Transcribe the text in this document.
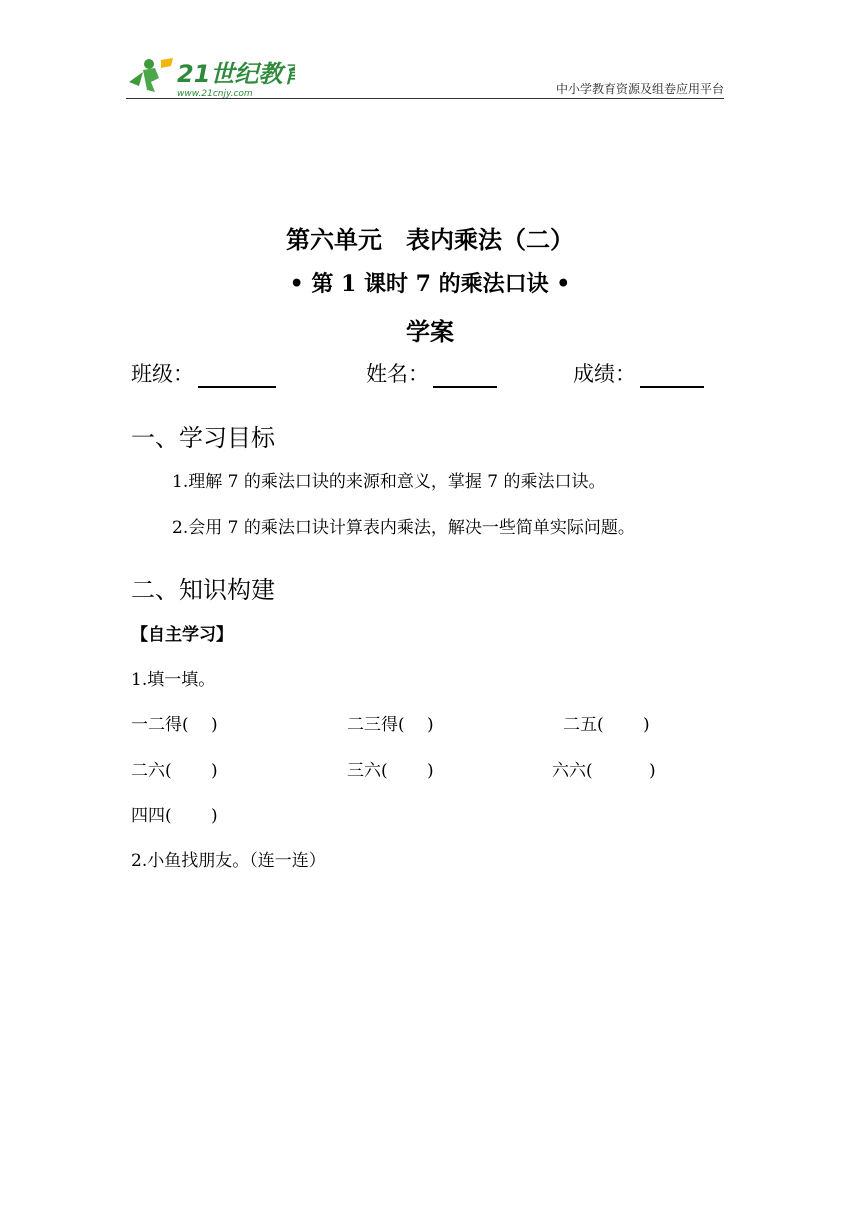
21世纪教育
www.21cnjy.com	中小学教育资源及组卷应用平台
第六单元　表内乘法（二）
• 第 1 课时 7 的乘法口诀 •
学案
班级：	姓名：	成绩：
一、学习目标
1.理解 7 的乘法口诀的来源和意义，掌握 7 的乘法口诀。
2.会用 7 的乘法口诀计算表内乘法，解决一些简单实际问题。
二、知识构建
【自主学习】
1.填一填。
一二得(　 )	二三得(　 )	二五(　　 )
二六(　　 )	三六(　　 )	六六(　　　 )
四四(　　 )
2.小鱼找朋友。（连一连）
